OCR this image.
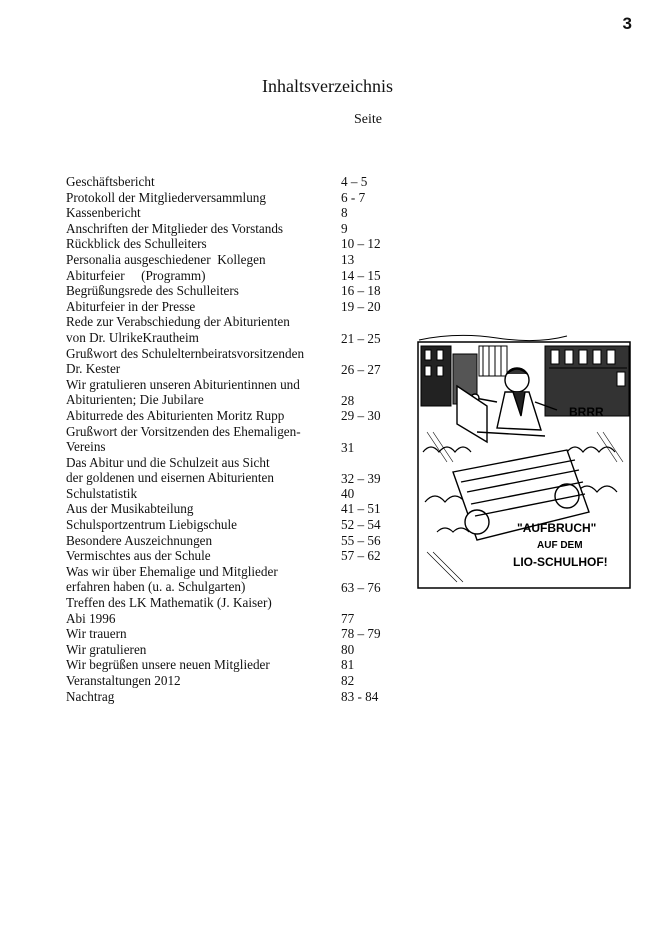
3
Inhaltsverzeichnis
Seite
Geschäftsbericht	4 – 5
Protokoll der Mitgliederversammlung	6 - 7
Kassenbericht	8
Anschriften der Mitglieder des Vorstands	9
Rückblick des Schulleiters	10 – 12
Personalia ausgeschiedener  Kollegen	13
Abiturfeier     (Programm)	14 – 15
Begrüßungsrede des Schulleiters	16 – 18
Abiturfeier in der Presse	19 – 20
Rede zur Verabschiedung der Abiturienten
von Dr. UlrikeKrautheim	21 – 25
Grußwort des Schulelternbeiratsvorsitzenden
Dr. Kester	26 – 27
Wir gratulieren unseren Abiturientinnen und
Abiturienten; Die Jubilare	28
Abiturrede des Abiturienten Moritz Rupp	29 – 30
Grußwort der Vorsitzenden des Ehemaligen-
Vereins	31
Das Abitur und die Schulzeit aus Sicht
der goldenen und eisernen Abiturienten	32 – 39
Schulstatistik	40
Aus der Musikabteilung	41 – 51
Schulsportzentrum Liebigschule	52 – 54
Besondere Auszeichnungen	55 – 56
Vermischtes aus der Schule	57 – 62
Was wir über Ehemalige und Mitglieder
erfahren haben (u. a. Schulgarten)	63 – 76
Treffen des LK Mathematik (J. Kaiser)
Abi 1996	77
Wir trauern	78 – 79
Wir gratulieren	80
Wir begrüßen unsere neuen Mitglieder	81
Veranstaltungen 2012	82
Nachtrag	83 - 84
BRRR
"AUFBRUCH"
AUF DEM
LIO-SCHULHOF!
